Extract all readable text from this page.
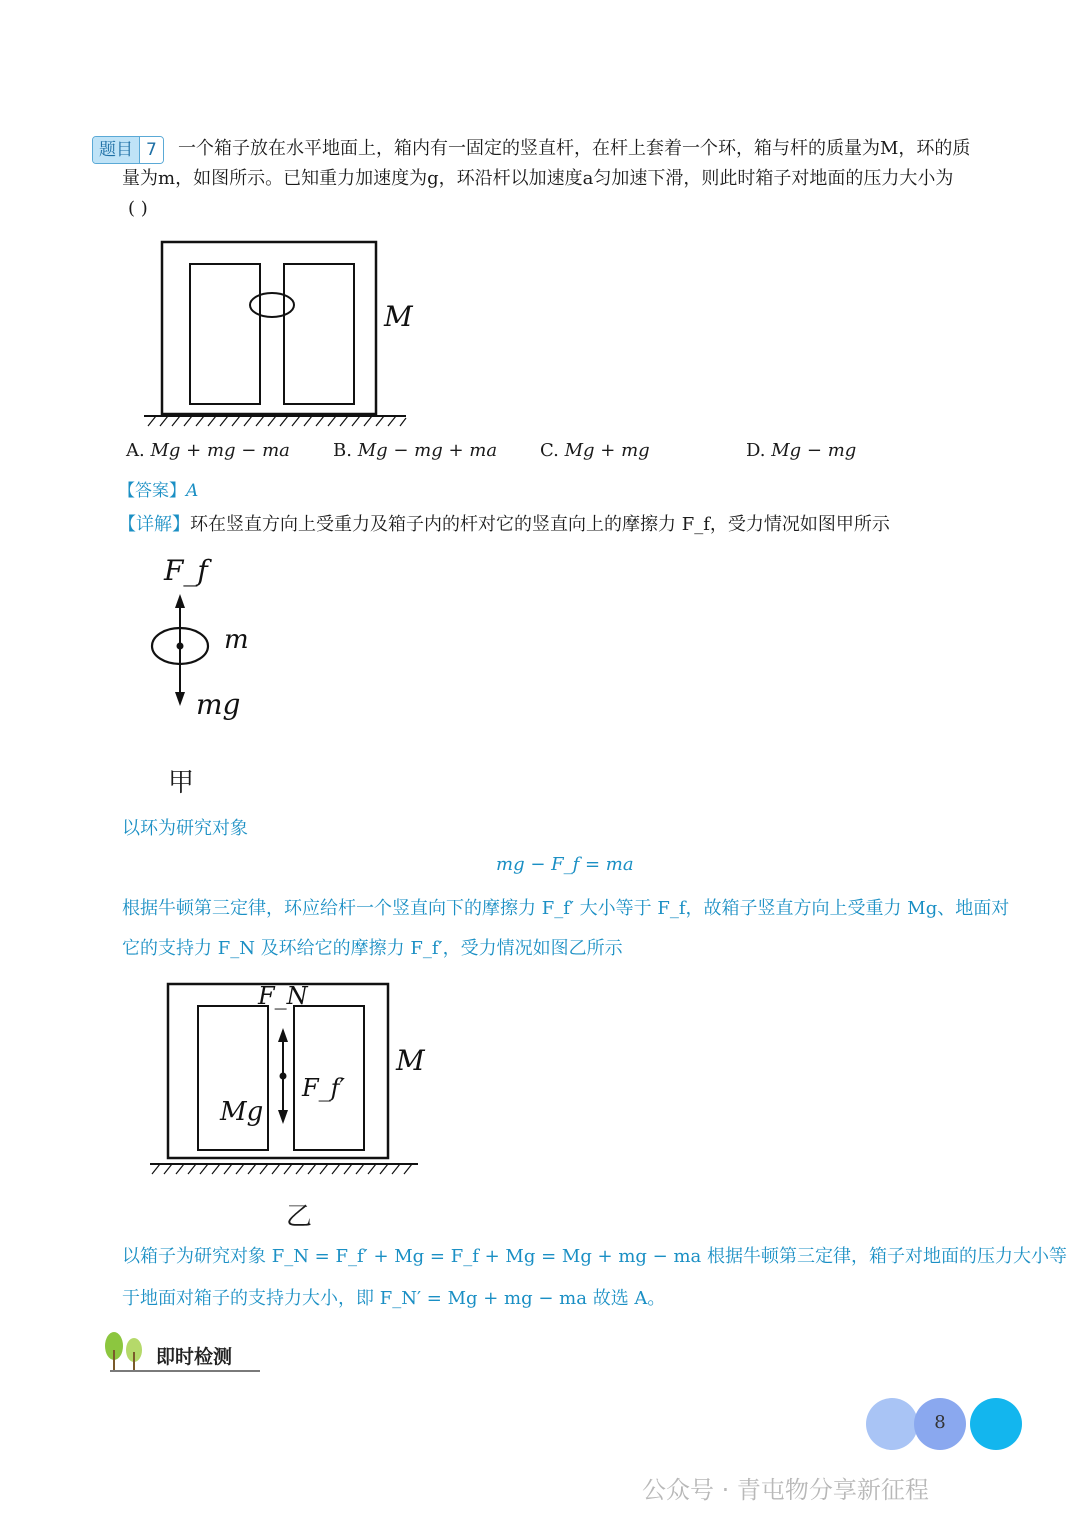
题目 7	一个箱子放在水平地面上，箱内有一固定的竖直杆，在杆上套着一个环，箱与杆的质量为M，环的质
量为m，如图所示。已知重力加速度为g，环沿杆以加速度a匀加速下滑，则此时箱子对地面的压力大小为
( )
M
A. Mg + mg − ma B. Mg − mg + ma C. Mg + mg	D. Mg − mg
【答案】A
【详解】环在竖直方向上受重力及箱子内的杆对它的竖直向上的摩擦力 F_f，受力情况如图甲所示
F_f
m
mg
甲
以环为研究对象
mg − F_f = ma
根据牛顿第三定律，环应给杆一个竖直向下的摩擦力 F_f′ 大小等于 F_f，故箱子竖直方向上受重力 Mg、地面对
它的支持力 F_N 及环给它的摩擦力 F_f′，受力情况如图乙所示
F_N
Mg
F_f′
M
乙
以箱子为研究对象 F_N = F_f′ + Mg = F_f + Mg = Mg + mg − ma 根据牛顿第三定律，箱子对地面的压力大小等
于地面对箱子的支持力大小，即 F_N′ = Mg + mg − ma 故选 A。
即时检测
8
公众号 · 青屯物分享新征程
